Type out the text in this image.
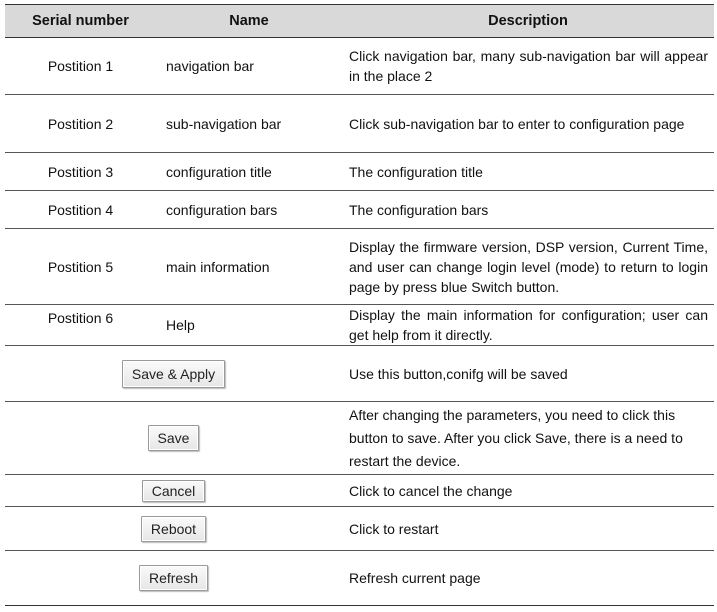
Serial number	Name	Description
Postition 1	navigation bar	Click navigation bar, many sub-navigation bar will appear in the place 2
Postition 2	sub-navigation bar	Click sub-navigation bar to enter to configuration page
Postition 3	configuration title	The configuration title
Postition 4	configuration bars	The configuration bars
Postition 5	main information	Display the firmware version, DSP version, Current Time, and user can change login level (mode) to return to login page by press blue Switch button.
Postition 6	Help	Display the main information for configuration; user can get help from it directly.
Save & Apply		Use this button,conifg will be saved
Save		After changing the parameters, you need to click this button to save. After you click Save, there is a need to restart the device.
Cancel		Click to cancel the change
Reboot		Click to restart
Refresh		Refresh current page
